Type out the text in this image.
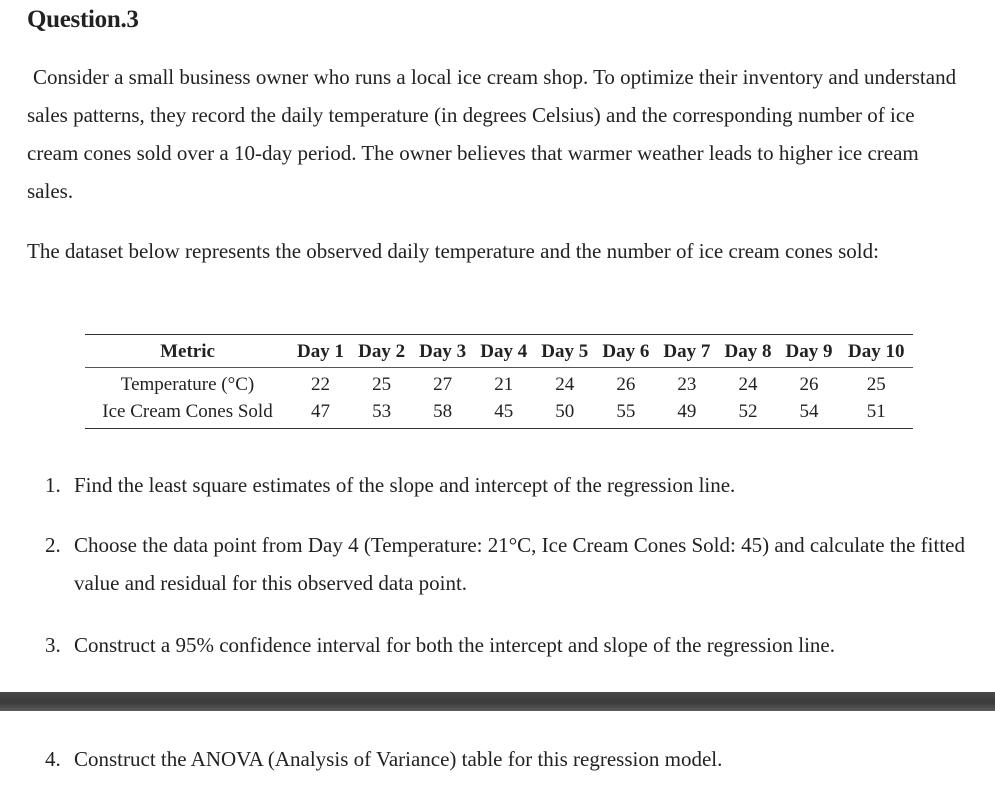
Question.3

Consider a small business owner who runs a local ice cream shop. To optimize their inventory and understand sales patterns, they record the daily temperature (in degrees Celsius) and the corresponding number of ice cream cones sold over a 10-day period. The owner believes that warmer weather leads to higher ice cream sales.

The dataset below represents the observed daily temperature and the number of ice cream cones sold:

Metric	Day 1	Day 2	Day 3	Day 4	Day 5	Day 6	Day 7	Day 8	Day 9	Day 10
Temperature (°C)	22	25	27	21	24	26	23	24	26	25
Ice Cream Cones Sold	47	53	58	45	50	55	49	52	54	51
1. Find the least square estimates of the slope and intercept of the regression line.
2. Choose the data point from Day 4 (Temperature: 21°C, Ice Cream Cones Sold: 45) and calculate the fitted value and residual for this observed data point.
3. Construct a 95% confidence interval for both the intercept and slope of the regression line.
4. Construct the ANOVA (Analysis of Variance) table for this regression model.
